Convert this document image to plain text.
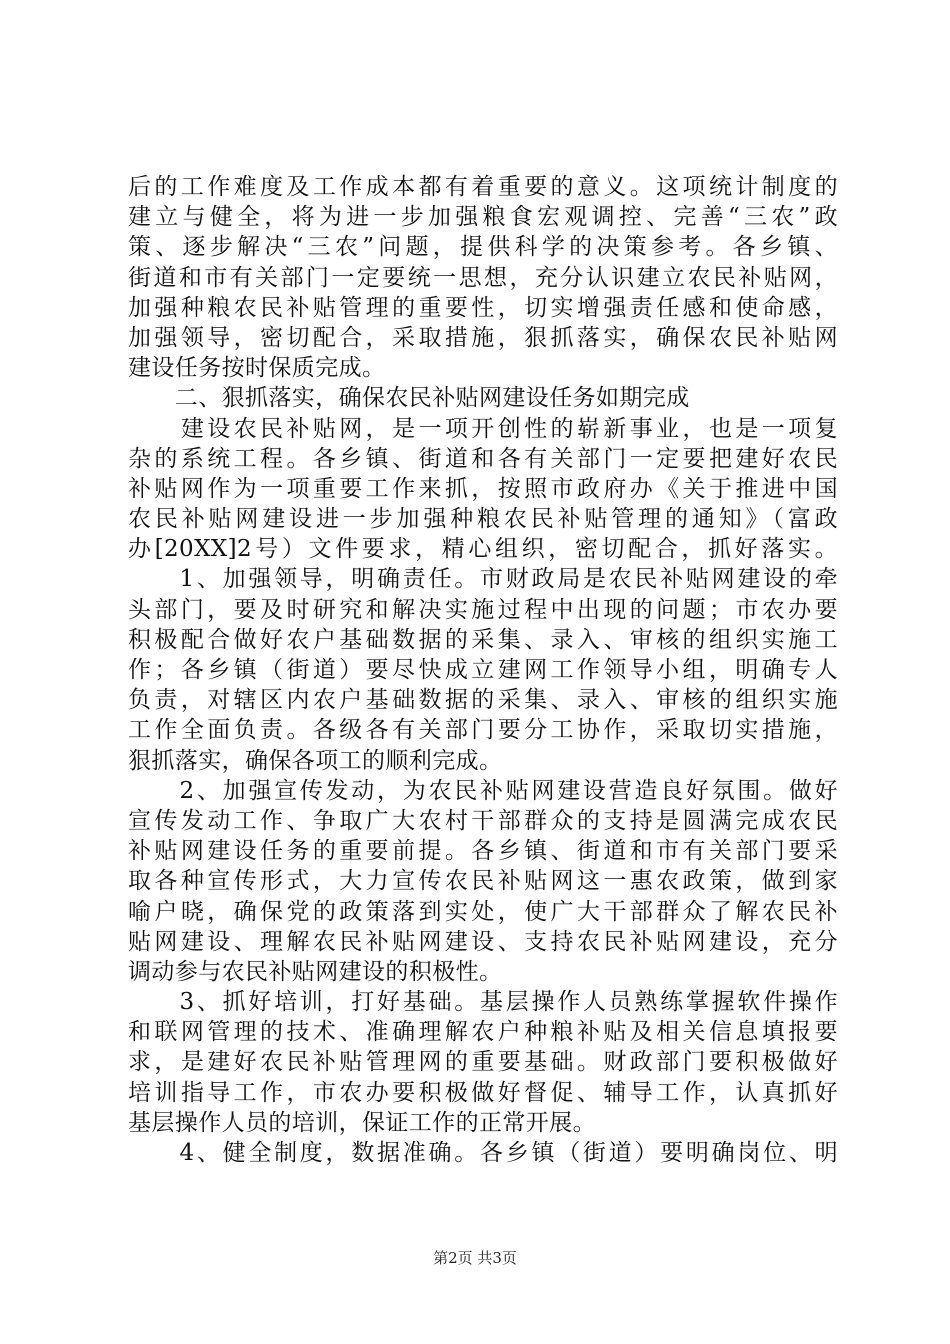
后的工作难度及工作成本都有着重要的意义。这项统计制度的
建立与健全，将为进一步加强粮食宏观调控、完善“三农”政
策、逐步解决“三农”问题，提供科学的决策参考。各乡镇、
街道和市有关部门一定要统一思想，充分认识建立农民补贴网，
加强种粮农民补贴管理的重要性，切实增强责任感和使命感，
加强领导，密切配合，采取措施，狠抓落实，确保农民补贴网
建设任务按时保质完成。
　　二、狠抓落实，确保农民补贴网建设任务如期完成
　　建设农民补贴网，是一项开创性的崭新事业，也是一项复
杂的系统工程。各乡镇、街道和各有关部门一定要把建好农民
补贴网作为一项重要工作来抓，按照市政府办《关于推进中国
农民补贴网建设进一步加强种粮农民补贴管理的通知》（富政
办[20XX]2号）文件要求，精心组织，密切配合，抓好落实。
　　1、加强领导，明确责任。市财政局是农民补贴网建设的牵
头部门，要及时研究和解决实施过程中出现的问题；市农办要
积极配合做好农户基础数据的采集、录入、审核的组织实施工
作；各乡镇（街道）要尽快成立建网工作领导小组，明确专人
负责，对辖区内农户基础数据的采集、录入、审核的组织实施
工作全面负责。各级各有关部门要分工协作，采取切实措施，
狠抓落实，确保各项工的顺利完成。
　　2、加强宣传发动，为农民补贴网建设营造良好氛围。做好
宣传发动工作、争取广大农村干部群众的支持是圆满完成农民
补贴网建设任务的重要前提。各乡镇、街道和市有关部门要采
取各种宣传形式，大力宣传农民补贴网这一惠农政策，做到家
喻户晓，确保党的政策落到实处，使广大干部群众了解农民补
贴网建设、理解农民补贴网建设、支持农民补贴网建设，充分
调动参与农民补贴网建设的积极性。
　　3、抓好培训，打好基础。基层操作人员熟练掌握软件操作
和联网管理的技术、准确理解农户种粮补贴及相关信息填报要
求，是建好农民补贴管理网的重要基础。财政部门要积极做好
培训指导工作，市农办要积极做好督促、辅导工作，认真抓好
基层操作人员的培训，保证工作的正常开展。
　　4、健全制度，数据准确。各乡镇（街道）要明确岗位、明
第2页 共3页
